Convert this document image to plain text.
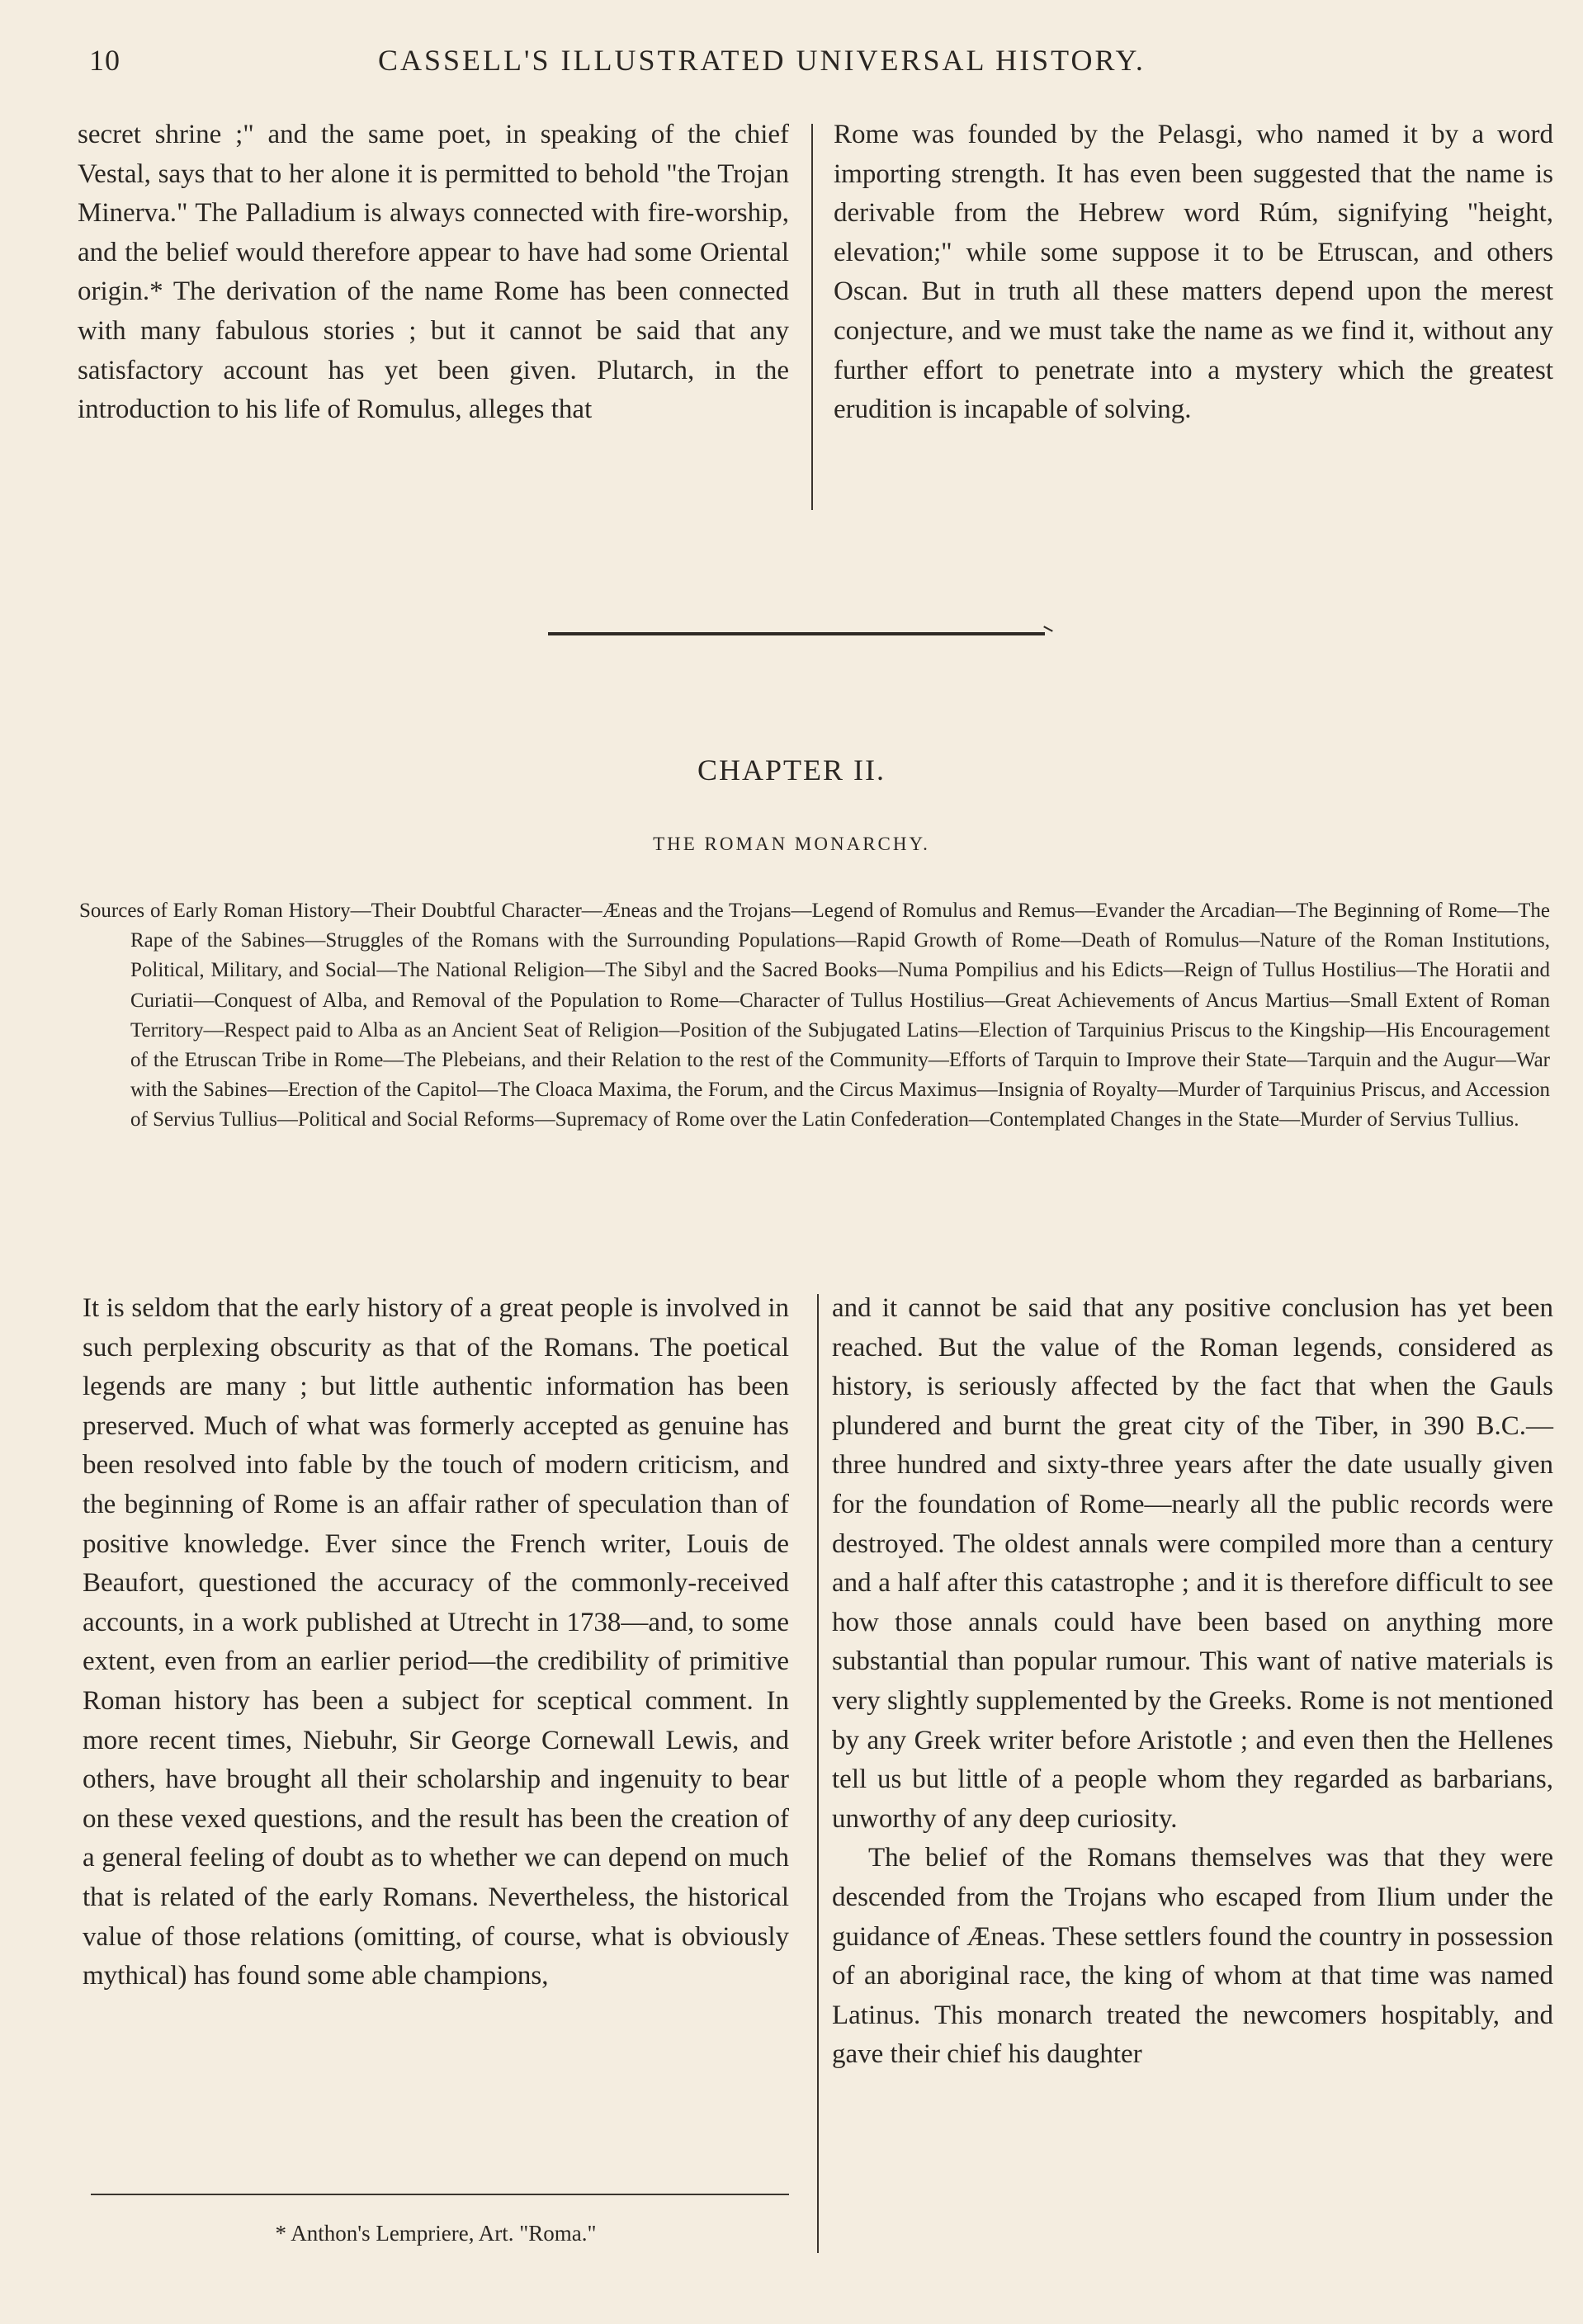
10	CASSELL'S ILLUSTRATED UNIVERSAL HISTORY.

secret shrine ;" and the same poet, in speaking of the chief Vestal, says that to her alone it is permitted to behold "the Trojan Minerva." The Palladium is always connected with fire-worship, and the belief would therefore appear to have had some Oriental origin.* The derivation of the name Rome has been connected with many fabulous stories ; but it cannot be said that any satisfactory account has yet been given. Plutarch, in the introduction to his life of Romulus, alleges that

Rome was founded by the Pelasgi, who named it by a word importing strength. It has even been suggested that the name is derivable from the Hebrew word Rúm, signifying "height, elevation;" while some suppose it to be Etruscan, and others Oscan. But in truth all these matters depend upon the merest conjecture, and we must take the name as we find it, without any further effort to penetrate into a mystery which the greatest erudition is incapable of solving.

CHAPTER II.
THE ROMAN MONARCHY.

Sources of Early Roman History—Their Doubtful Character—Æneas and the Trojans—Legend of Romulus and Remus—Evander the Arcadian—The Beginning of Rome—The Rape of the Sabines—Struggles of the Romans with the Surrounding Populations—Rapid Growth of Rome—Death of Romulus—Nature of the Roman Institutions, Political, Military, and Social—The National Religion—The Sibyl and the Sacred Books—Numa Pompilius and his Edicts—Reign of Tullus Hostilius—The Horatii and Curiatii—Conquest of Alba, and Removal of the Population to Rome—Character of Tullus Hostilius—Great Achievements of Ancus Martius—Small Extent of Roman Territory—Respect paid to Alba as an Ancient Seat of Religion—Position of the Subjugated Latins—Election of Tarquinius Priscus to the Kingship—His Encouragement of the Etruscan Tribe in Rome—The Plebeians, and their Relation to the rest of the Community—Efforts of Tarquin to Improve their State—Tarquin and the Augur—War with the Sabines—Erection of the Capitol—The Cloaca Maxima, the Forum, and the Circus Maximus—Insignia of Royalty—Murder of Tarquinius Priscus, and Accession of Servius Tullius—Political and Social Reforms—Supremacy of Rome over the Latin Confederation—Contemplated Changes in the State—Murder of Servius Tullius.

It is seldom that the early history of a great people is involved in such perplexing obscurity as that of the Romans. The poetical legends are many ; but little authentic information has been preserved. Much of what was formerly accepted as genuine has been resolved into fable by the touch of modern criticism, and the beginning of Rome is an affair rather of speculation than of positive knowledge. Ever since the French writer, Louis de Beaufort, questioned the accuracy of the commonly-received accounts, in a work published at Utrecht in 1738—and, to some extent, even from an earlier period—the credibility of primitive Roman history has been a subject for sceptical comment. In more recent times, Niebuhr, Sir George Cornewall Lewis, and others, have brought all their scholarship and ingenuity to bear on these vexed questions, and the result has been the creation of a general feeling of doubt as to whether we can depend on much that is related of the early Romans. Nevertheless, the historical value of those relations (omitting, of course, what is obviously mythical) has found some able champions,

and it cannot be said that any positive conclusion has yet been reached. But the value of the Roman legends, considered as history, is seriously affected by the fact that when the Gauls plundered and burnt the great city of the Tiber, in 390 B.C.—three hundred and sixty-three years after the date usually given for the foundation of Rome—nearly all the public records were destroyed. The oldest annals were compiled more than a century and a half after this catastrophe ; and it is therefore difficult to see how those annals could have been based on anything more substantial than popular rumour. This want of native materials is very slightly supplemented by the Greeks. Rome is not mentioned by any Greek writer before Aristotle ; and even then the Hellenes tell us but little of a people whom they regarded as barbarians, unworthy of any deep curiosity.

The belief of the Romans themselves was that they were descended from the Trojans who escaped from Ilium under the guidance of Æneas. These settlers found the country in possession of an aboriginal race, the king of whom at that time was named Latinus. This monarch treated the newcomers hospitably, and gave their chief his daughter

* Anthon's Lempriere, Art. "Roma."
